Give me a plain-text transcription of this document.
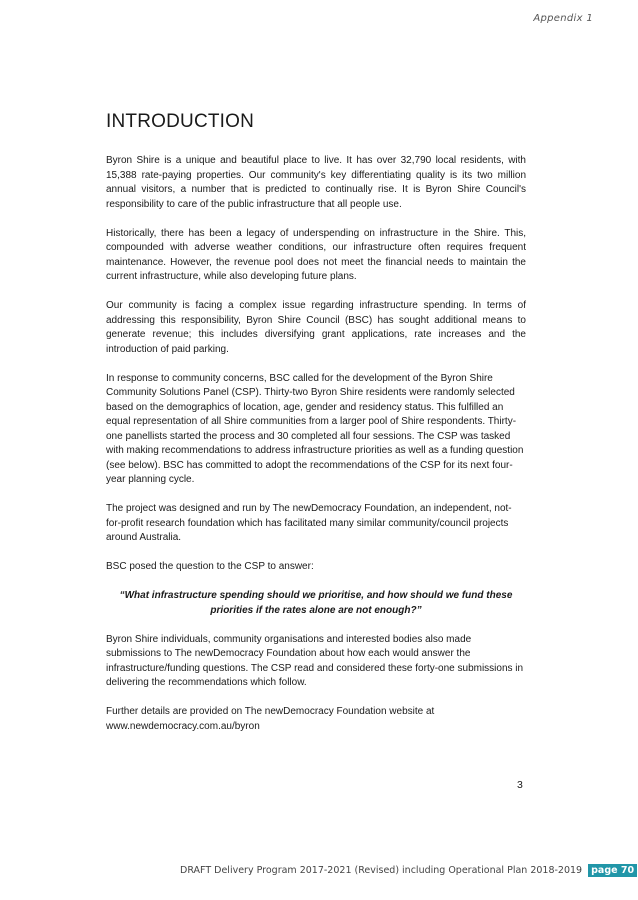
Appendix 1
INTRODUCTION

Byron Shire is a unique and beautiful place to live. It has over 32,790 local residents, with 15,388 rate-paying properties. Our community's key differentiating quality is its two million annual visitors, a number that is predicted to continually rise. It is Byron Shire Council's responsibility to care of the public infrastructure that all people use.

Historically, there has been a legacy of underspending on infrastructure in the Shire. This, compounded with adverse weather conditions, our infrastructure often requires frequent maintenance. However, the revenue pool does not meet the financial needs to maintain the current infrastructure, while also developing future plans.

Our community is facing a complex issue regarding infrastructure spending. In terms of addressing this responsibility, Byron Shire Council (BSC) has sought additional means to generate revenue; this includes diversifying grant applications, rate increases and the introduction of paid parking.

In response to community concerns, BSC called for the development of the Byron Shire Community Solutions Panel (CSP). Thirty-two Byron Shire residents were randomly selected based on the demographics of location, age, gender and residency status. This fulfilled an equal representation of all Shire communities from a larger pool of Shire respondents. Thirty-one panellists started the process and 30 completed all four sessions. The CSP was tasked with making recommendations to address infrastructure priorities as well as a funding question (see below). BSC has committed to adopt the recommendations of the CSP for its next four-year planning cycle.

The project was designed and run by The newDemocracy Foundation, an independent, not-for-profit research foundation which has facilitated many similar community/council projects around Australia.

BSC posed the question to the CSP to answer:

“What infrastructure spending should we prioritise, and how should we fund these priorities if the rates alone are not enough?”

Byron Shire individuals, community organisations and interested bodies also made submissions to The newDemocracy Foundation about how each would answer the infrastructure/funding questions. The CSP read and considered these forty-one submissions in delivering the recommendations which follow.

Further details are provided on The newDemocracy Foundation website at www.newdemocracy.com.au/byron

3
DRAFT Delivery Program 2017-2021 (Revised) including Operational Plan 2018-2019 page 70
